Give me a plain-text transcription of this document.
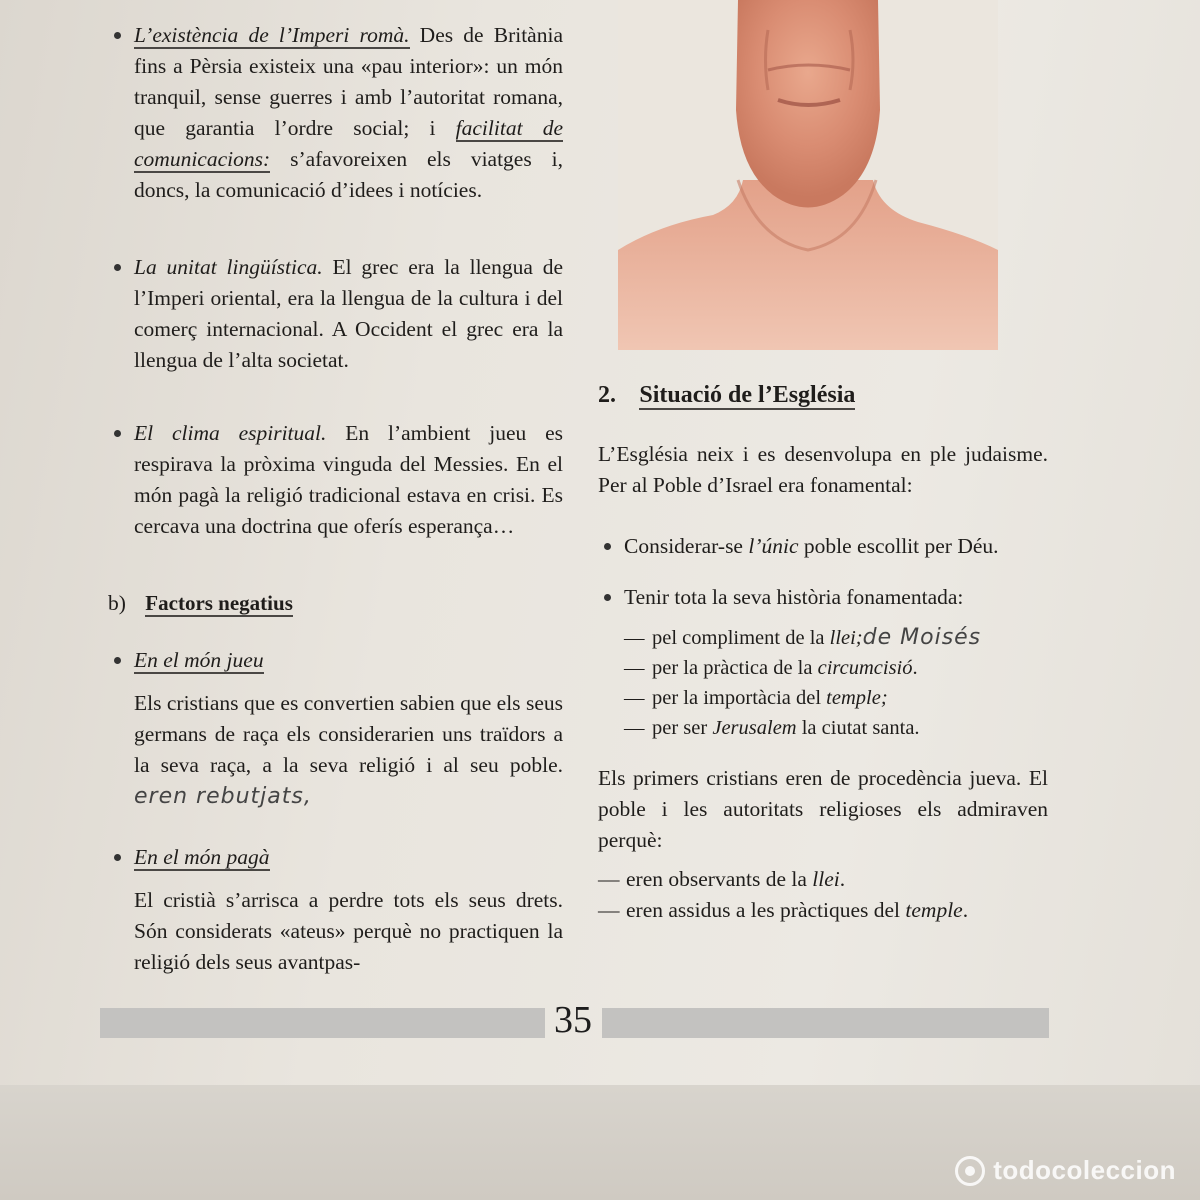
L’existència de l’Imperi romà. Des de Britània fins a Pèrsia existeix una «pau interior»: un món tranquil, sense guerres i amb l’autoritat romana, que garantia l’ordre social; i facilitat de comunicacions: s’afavoreixen els viatges i, doncs, la comunicació d’idees i notícies.

La unitat lingüística. El grec era la llengua de l’Imperi oriental, era la llengua de la cultura i del comerç internacional. A Occident el grec era la llengua de l’alta societat.

El clima espiritual. En l’ambient jueu es respirava la pròxima vinguda del Messies. En el món pagà la religió tradicional estava en crisi. Es cercava una doctrina que oferís esperança…

b) Factors negatius

En el món jueu

Els cristians que es convertien sabien que els seus germans de raça els considerarien uns traïdors a la seva raça, a la seva religió i al seu poble. eren rebutjats,

En el món pagà

El cristià s’arrisca a perdre tots els seus drets. Són considerats «ateus» perquè no practiquen la religió dels seus avantpas-

2. Situació de l’Església

L’Església neix i es desenvolupa en ple judaisme. Per al Poble d’Israel era fonamental:

Considerar-se l’únic poble escollit per Déu.

Tenir tota la seva història fonamentada:

— pel compliment de la llei;de Moisés

— per la pràctica de la circumcisió.

— per la importàcia del temple;

— per ser Jerusalem la ciutat santa.

Els primers cristians eren de procedència jueva. El poble i les autoritats religioses els admiraven perquè:

— eren observants de la llei.

— eren assidus a les pràctiques del temple.

35
todocoleccion
